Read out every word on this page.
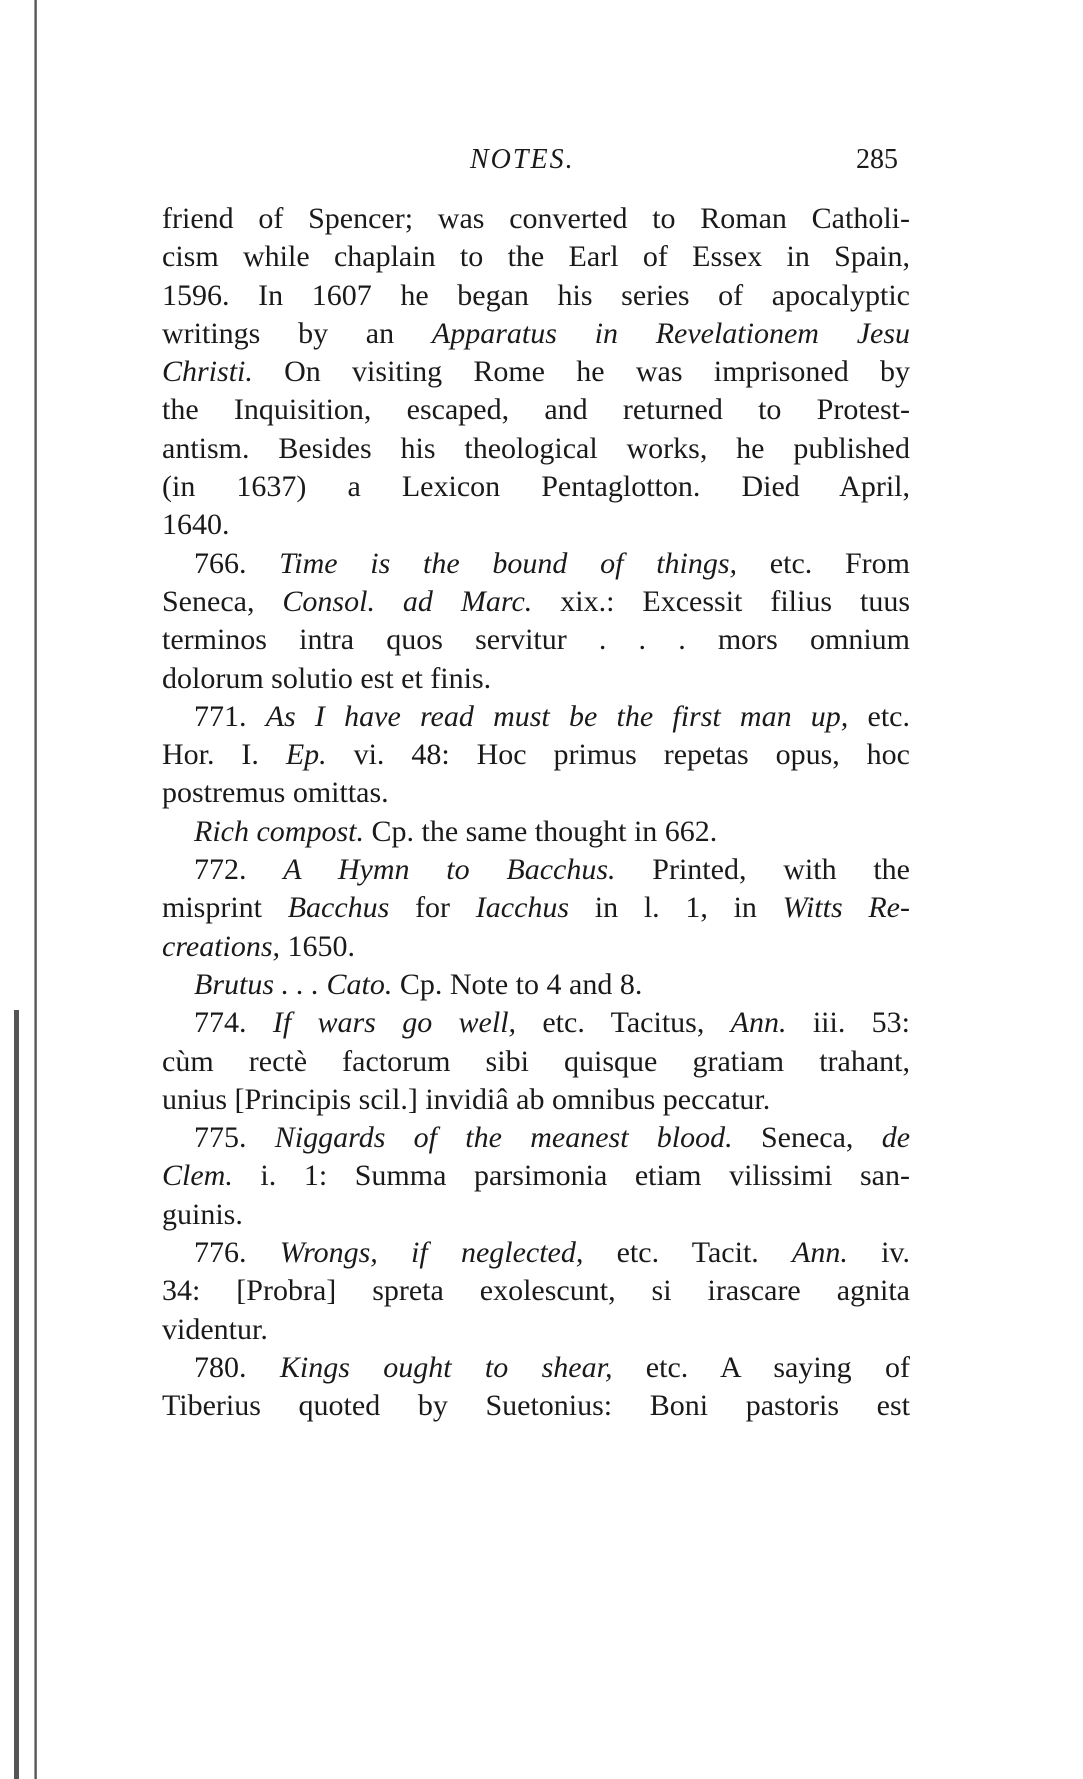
NOTES.	285
friend of Spencer; was converted to Roman Catholi-
cism while chaplain to the Earl of Essex in Spain,
1596. In 1607 he began his series of apocalyptic
writings by an Apparatus in Revelationem Jesu
Christi. On visiting Rome he was imprisoned by
the Inquisition, escaped, and returned to Protest-
antism. Besides his theological works, he published
(in 1637) a Lexicon Pentaglotton. Died April,
1640.
766. Time is the bound of things, etc. From
Seneca, Consol. ad Marc. xix.: Excessit filius tuus
terminos intra quos servitur . . . mors omnium
dolorum solutio est et finis.
771. As I have read must be the first man up, etc.
Hor. I. Ep. vi. 48: Hoc primus repetas opus, hoc
postremus omittas.
Rich compost. Cp. the same thought in 662.
772. A Hymn to Bacchus. Printed, with the
misprint Bacchus for Iacchus in l. 1, in Witts Re-
creations, 1650.
Brutus . . . Cato. Cp. Note to 4 and 8.
774. If wars go well, etc. Tacitus, Ann. iii. 53:
cùm rectè factorum sibi quisque gratiam trahant,
unius [Principis scil.] invidiâ ab omnibus peccatur.
775. Niggards of the meanest blood. Seneca, de
Clem. i. 1: Summa parsimonia etiam vilissimi san-
guinis.
776. Wrongs, if neglected, etc. Tacit. Ann. iv.
34: [Probra] spreta exolescunt, si irascare agnita
videntur.
780. Kings ought to shear, etc. A saying of
Tiberius quoted by Suetonius: Boni pastoris est
